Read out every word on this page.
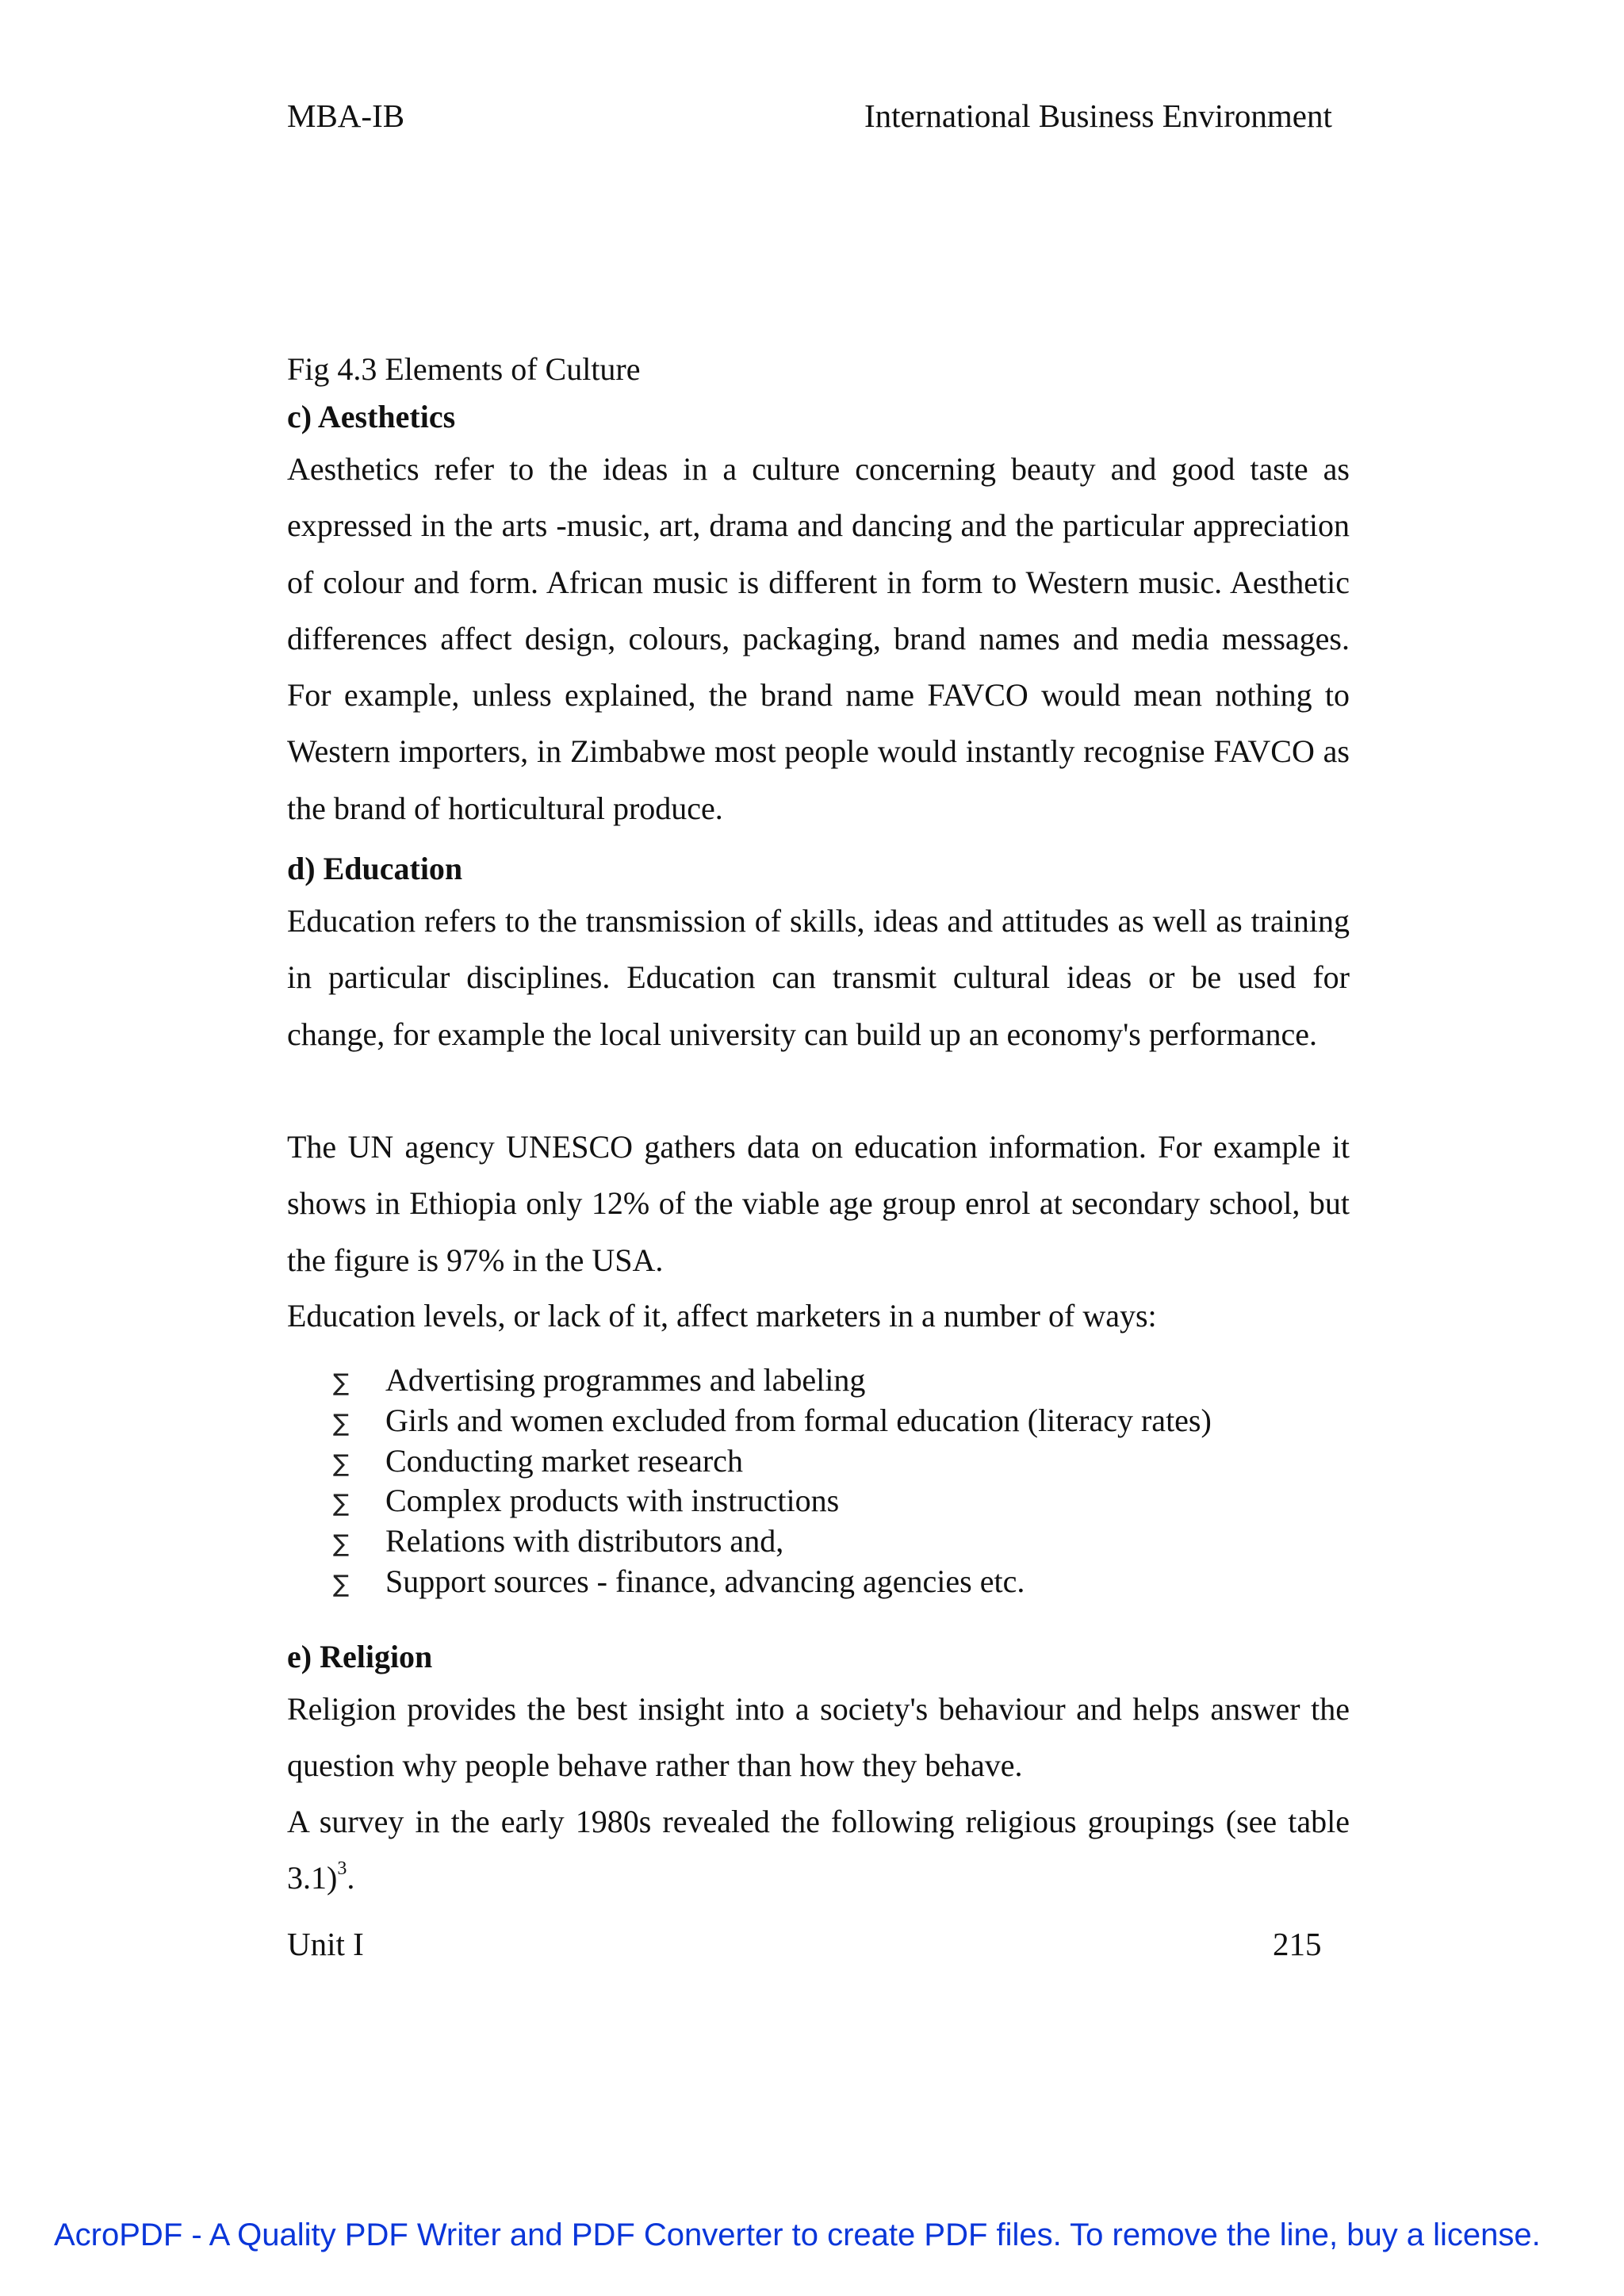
MBA-IB	International Business Environment
Fig 4.3 Elements of Culture
c) Aesthetics

Aesthetics refer to the ideas in a culture concerning beauty and good taste as expressed in the arts -music, art, drama and dancing and the particular appreciation of colour and form. African music is different in form to Western music. Aesthetic differences affect design, colours, packaging, brand names and media messages. For example, unless explained, the brand name FAVCO would mean nothing to Western importers, in Zimbabwe most people would instantly recognise FAVCO as the brand of horticultural produce.

d) Education

Education refers to the transmission of skills, ideas and attitudes as well as training in particular disciplines. Education can transmit cultural ideas or be used for change, for example the local university can build up an economy's performance.

The UN agency UNESCO gathers data on education information. For example it shows in Ethiopia only 12% of the viable age group enrol at secondary school, but the figure is 97% in the USA.

Education levels, or lack of it, affect marketers in a number of ways:

∑	Advertising programmes and labeling
∑	Girls and women excluded from formal education (literacy rates)
∑	Conducting market research
∑	Complex products with instructions
∑	Relations with distributors and,
∑	Support sources - finance, advancing agencies etc.
e) Religion

Religion provides the best insight into a society's behaviour and helps answer the question why people behave rather than how they behave.

A survey in the early 1980s revealed the following religious groupings (see table 3.1)$^3$.

Unit I	215
AcroPDF - A Quality PDF Writer and PDF Converter to create PDF files. To remove the line, buy a license.
